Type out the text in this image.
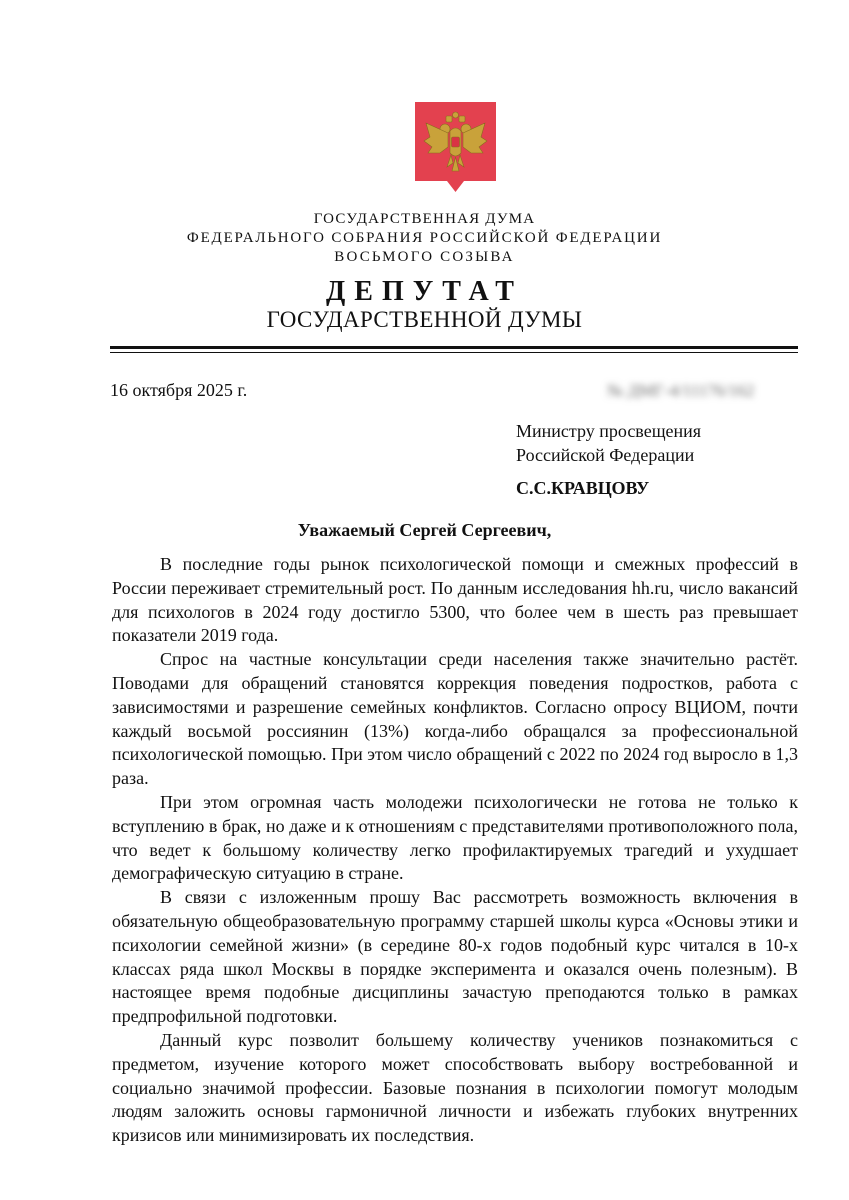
ГОСУДАРСТВЕННАЯ ДУМА
ФЕДЕРАЛЬНОГО СОБРАНИЯ РОССИЙСКОЙ ФЕДЕРАЦИИ
ВОСЬМОГО СОЗЫВА
ДЕПУТАТ
ГОСУДАРСТВЕННОЙ ДУМЫ
16 октября 2025 г.	№ ДМГ-4/11176/162
Министру просвещения
Российской Федерации
С.С.КРАВЦОВУ
Уважаемый Сергей Сергеевич,

В последние годы рынок психологической помощи и смежных профессий в России переживает стремительный рост. По данным исследования hh.ru, число вакансий для психологов в 2024 году достигло 5300, что более чем в шесть раз превышает показатели 2019 года.

Спрос на частные консультации среди населения также значительно растёт. Поводами для обращений становятся коррекция поведения подростков, работа с зависимостями и разрешение семейных конфликтов. Согласно опросу ВЦИОМ, почти каждый восьмой россиянин (13%) когда-либо обращался за профессиональной психологической помощью. При этом число обращений с 2022 по 2024 год выросло в 1,3 раза.

При этом огромная часть молодежи психологически не готова не только к вступлению в брак, но даже и к отношениям с представителями противоположного пола, что ведет к большому количеству легко профилактируемых трагедий и ухудшает демографическую ситуацию в стране.

В связи с изложенным прошу Вас рассмотреть возможность включения в обязательную общеобразовательную программу старшей школы курса «Основы этики и психологии семейной жизни» (в середине 80-х годов подобный курс читался в 10-х классах ряда школ Москвы в порядке эксперимента и оказался очень полезным). В настоящее время подобные дисциплины зачастую преподаются только в рамках предпрофильной подготовки.

Данный курс позволит большему количеству учеников познакомиться с предметом, изучение которого может способствовать выбору востребованной и социально значимой профессии. Базовые познания в психологии помогут молодым людям заложить основы гармоничной личности и избежать глубоких внутренних кризисов или минимизировать их последствия.
